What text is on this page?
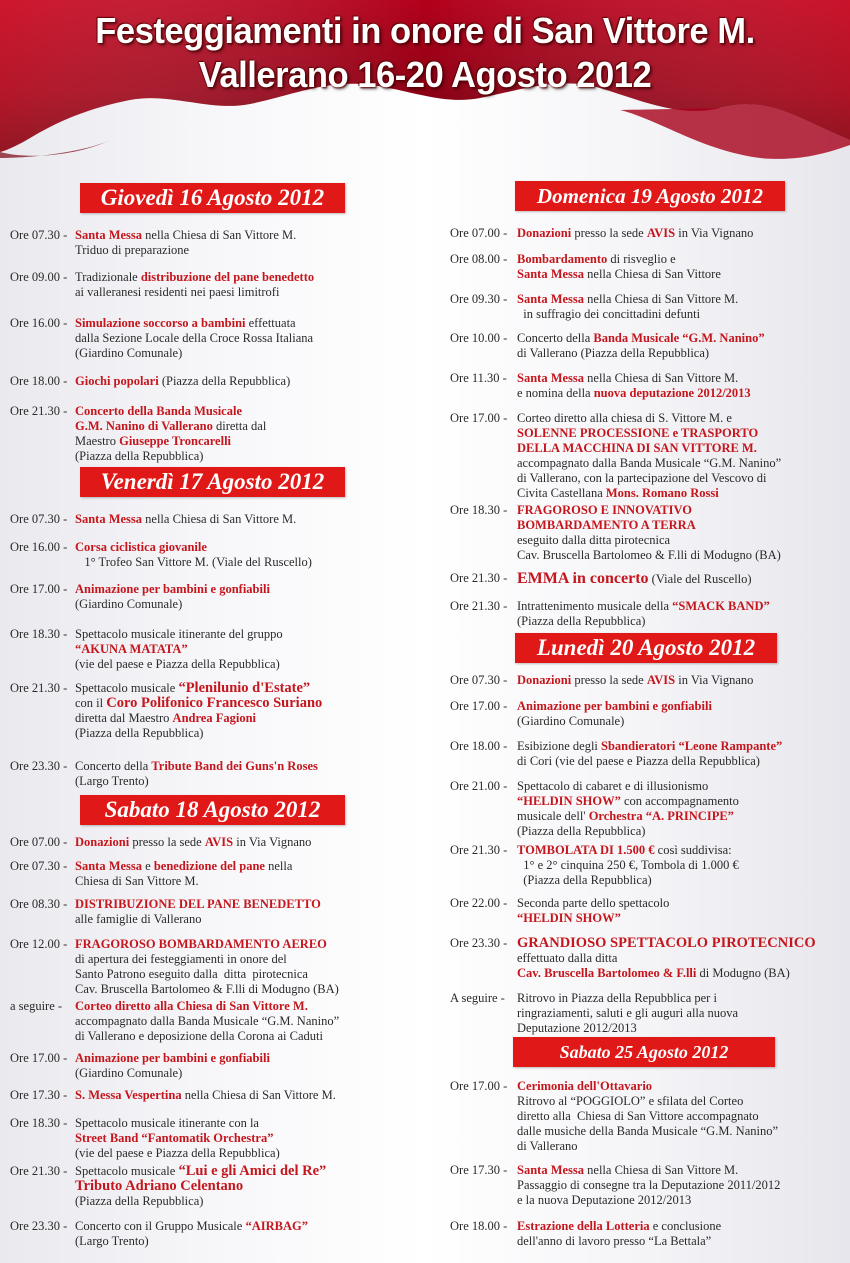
Festeggiamenti in onore di San Vittore M.
Vallerano 16-20 Agosto 2012
Giovedì 16 Agosto 2012
Venerdì 17 Agosto 2012
Sabato 18 Agosto 2012
Domenica 19 Agosto 2012
Lunedì 20 Agosto 2012
Sabato 25 Agosto 2012
Ore 07.30 - Santa Messa nella Chiesa di San Vittore M.
Triduo di preparazione
Ore 09.00 - Tradizionale distribuzione del pane benedetto
ai valleranesi residenti nei paesi limitrofi
Ore 16.00 - Simulazione soccorso a bambini effettuata
dalla Sezione Locale della Croce Rossa Italiana
(Giardino Comunale)
Ore 18.00 - Giochi popolari (Piazza della Repubblica)
Ore 21.30 - Concerto della Banda Musicale
G.M. Nanino di Vallerano diretta dal
Maestro Giuseppe Troncarelli
(Piazza della Repubblica)
Ore 07.30 - Santa Messa nella Chiesa di San Vittore M.
Ore 16.00 - Corsa ciclistica giovanile
1° Trofeo San Vittore M. (Viale del Ruscello)
Ore 17.00 - Animazione per bambini e gonfiabili
(Giardino Comunale)
Ore 18.30 - Spettacolo musicale itinerante del gruppo
“AKUNA MATATA”
(vie del paese e Piazza della Repubblica)
Ore 21.30 - Spettacolo musicale “Plenilunio d'Estate”
con il Coro Polifonico Francesco Suriano
diretta dal Maestro Andrea Fagioni
(Piazza della Repubblica)
Ore 23.30 - Concerto della Tribute Band dei Guns'n Roses
(Largo Trento)
Ore 07.00 - Donazioni presso la sede AVIS in Via Vignano
Ore 07.30 - Santa Messa e benedizione del pane nella
Chiesa di San Vittore M.
Ore 08.30 - DISTRIBUZIONE DEL PANE BENEDETTO
alle famiglie di Vallerano
Ore 12.00 - FRAGOROSO BOMBARDAMENTO AEREO
di apertura dei festeggiamenti in onore del
Santo Patrono eseguito dalla  ditta  pirotecnica
Cav. Bruscella Bartolomeo & F.lli di Modugno (BA)
a seguire - Corteo diretto alla Chiesa di San Vittore M.
accompagnato dalla Banda Musicale “G.M. Nanino”
di Vallerano e deposizione della Corona ai Caduti
Ore 17.00 - Animazione per bambini e gonfiabili
(Giardino Comunale)
Ore 17.30 - S. Messa Vespertina nella Chiesa di San Vittore M.
Ore 18.30 - Spettacolo musicale itinerante con la
Street Band “Fantomatik Orchestra”
(vie del paese e Piazza della Repubblica)
Ore 21.30 - Spettacolo musicale “Lui e gli Amici del Re”
Tributo Adriano Celentano
(Piazza della Repubblica)
Ore 23.30 - Concerto con il Gruppo Musicale “AIRBAG”
(Largo Trento)
Ore 07.00 - Donazioni presso la sede AVIS in Via Vignano
Ore 08.00 - Bombardamento di risveglio e
Santa Messa nella Chiesa di San Vittore
Ore 09.30 - Santa Messa nella Chiesa di San Vittore M.
in suffragio dei concittadini defunti
Ore 10.00 - Concerto della Banda Musicale “G.M. Nanino”
di Vallerano (Piazza della Repubblica)
Ore 11.30 - Santa Messa nella Chiesa di San Vittore M.
e nomina della nuova deputazione 2012/2013
Ore 17.00 - Corteo diretto alla chiesa di S. Vittore M. e
SOLENNE PROCESSIONE e TRASPORTO
DELLA MACCHINA DI SAN VITTORE M.
accompagnato dalla Banda Musicale “G.M. Nanino”
di Vallerano, con la partecipazione del Vescovo di
Civita Castellana Mons. Romano Rossi
Ore 18.30 - FRAGOROSO E INNOVATIVO
BOMBARDAMENTO A TERRA
eseguito dalla ditta pirotecnica
Cav. Bruscella Bartolomeo & F.lli di Modugno (BA)
Ore 21.30 - EMMA in concerto (Viale del Ruscello)
Ore 21.30 - Intrattenimento musicale della “SMACK BAND”
(Piazza della Repubblica)
Ore 07.30 - Donazioni presso la sede AVIS in Via Vignano
Ore 17.00 - Animazione per bambini e gonfiabili
(Giardino Comunale)
Ore 18.00 - Esibizione degli Sbandieratori “Leone Rampante”
di Cori (vie del paese e Piazza della Repubblica)
Ore 21.00 - Spettacolo di cabaret e di illusionismo
“HELDIN SHOW” con accompagnamento
musicale dell' Orchestra “A. PRINCIPE”
(Piazza della Repubblica)
Ore 21.30 - TOMBOLATA DI 1.500 € così suddivisa:
1° e 2° cinquina 250 €, Tombola di 1.000 €
(Piazza della Repubblica)
Ore 22.00 - Seconda parte dello spettacolo
“HELDIN SHOW”
Ore 23.30 - GRANDIOSO SPETTACOLO PIROTECNICO
effettuato dalla ditta
Cav. Bruscella Bartolomeo & F.lli di Modugno (BA)
A seguire - Ritrovo in Piazza della Repubblica per i
ringraziamenti, saluti e gli auguri alla nuova
Deputazione 2012/2013
Ore 17.00 - Cerimonia dell'Ottavario
Ritrovo al “POGGIOLO” e sfilata del Corteo
diretto alla  Chiesa di San Vittore accompagnato
dalle musiche della Banda Musicale “G.M. Nanino”
di Vallerano
Ore 17.30 - Santa Messa nella Chiesa di San Vittore M.
Passaggio di consegne tra la Deputazione 2011/2012
e la nuova Deputazione 2012/2013
Ore 18.00 - Estrazione della Lotteria e conclusione
dell'anno di lavoro presso “La Bettala”
